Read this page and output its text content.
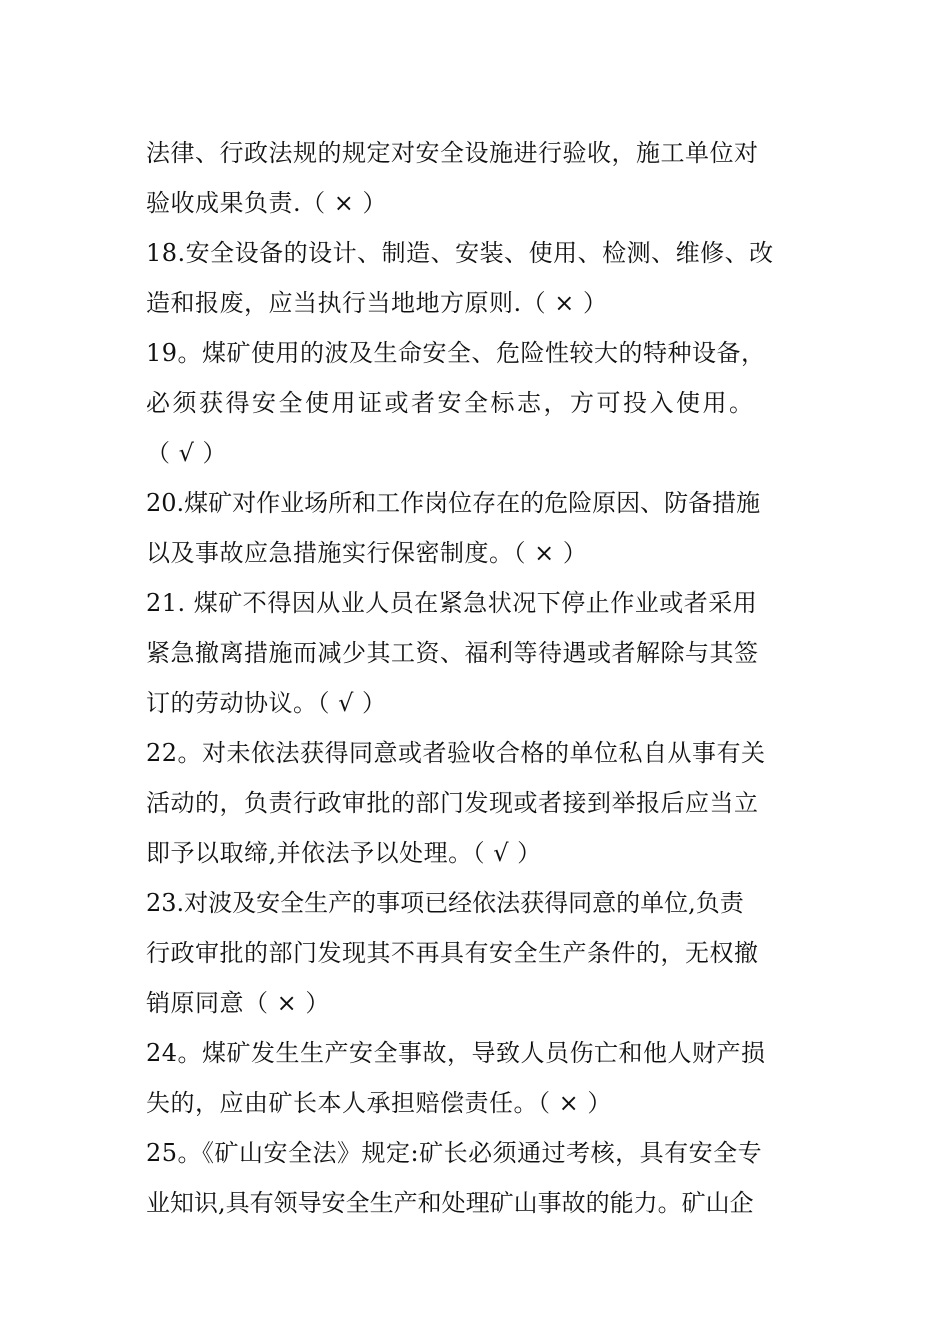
法律、行政法规的规定对安全设施进行验收，施工单位对
验收成果负责.（ × ）
18.安全设备的设计、制造、安装、使用、检测、维修、改
造和报废，应当执行当地地方原则.（ × ）
19。煤矿使用的波及生命安全、危险性较大的特种设备，
必须获得安全使用证或者安全标志，方可投入使用。
（ √ ）
20.煤矿对作业场所和工作岗位存在的危险原因、防备措施
以及事故应急措施实行保密制度。（ × ）
21. 煤矿不得因从业人员在紧急状况下停止作业或者采用
紧急撤离措施而减少其工资、福利等待遇或者解除与其签
订的劳动协议。（ √ ）
22。对未依法获得同意或者验收合格的单位私自从事有关
活动的，负责行政审批的部门发现或者接到举报后应当立
即予以取缔,并依法予以处理。（ √ ）
23.对波及安全生产的事项已经依法获得同意的单位,负责
行政审批的部门发现其不再具有安全生产条件的，无权撤
销原同意（ × ）
24。煤矿发生生产安全事故，导致人员伤亡和他人财产损
失的，应由矿长本人承担赔偿责任。（ × ）
25。《矿山安全法》规定:矿长必须通过考核，具有安全专
业知识,具有领导安全生产和处理矿山事故的能力。矿山企
